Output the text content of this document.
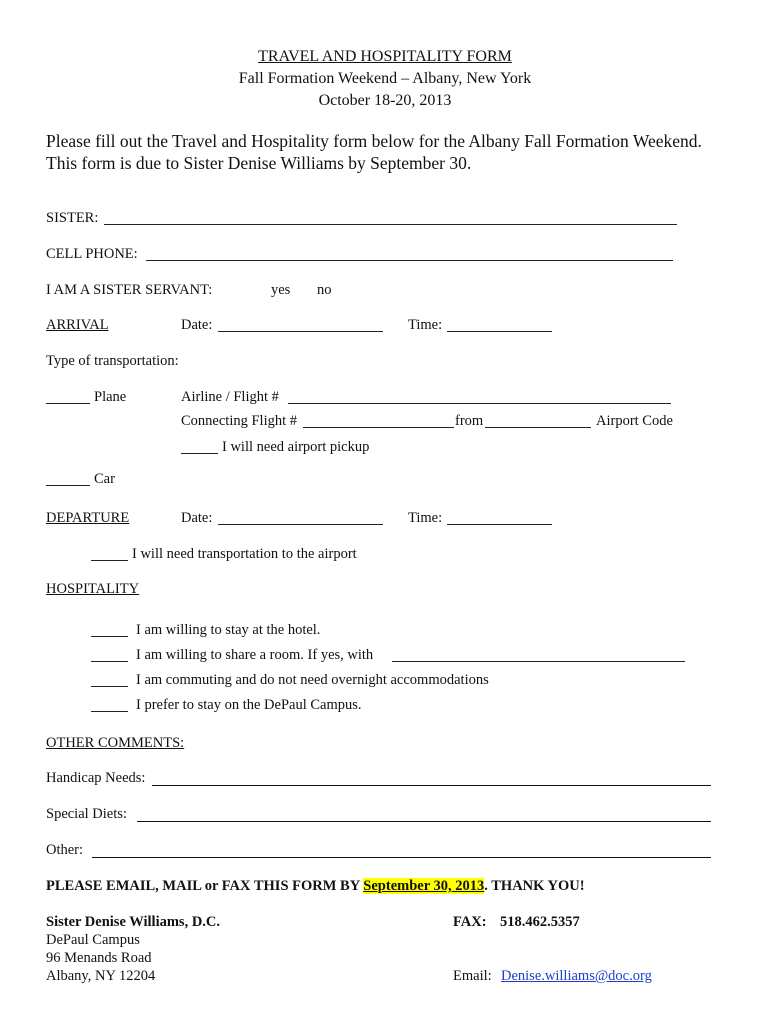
TRAVEL AND HOSPITALITY FORM
Fall Formation Weekend – Albany, New York
October 18-20, 2013
Please fill out the Travel and Hospitality form below for the Albany Fall Formation Weekend.
This form is due to Sister Denise Williams by September 30.
SISTER:
CELL PHONE:
I AM A SISTER SERVANT:	yes no
ARRIVAL	Date:	Time:
Type of transportation:
Plane	Airline / Flight #
Connecting Flight #	from	Airport Code
I will need airport pickup
Car
DEPARTURE	Date:	Time:
I will need transportation to the airport
HOSPITALITY
I am willing to stay at the hotel.
I am willing to share a room. If yes, with
I am commuting and do not need overnight accommodations
I prefer to stay on the DePaul Campus.
OTHER COMMENTS:
Handicap Needs:
Special Diets:
Other:
PLEASE EMAIL, MAIL or FAX THIS FORM BY September 30, 2013. THANK YOU!
Sister Denise Williams, D.C.
DePaul Campus
96 Menands Road
Albany, NY 12204
FAX: 518.462.5357
Email: Denise.williams@doc.org
